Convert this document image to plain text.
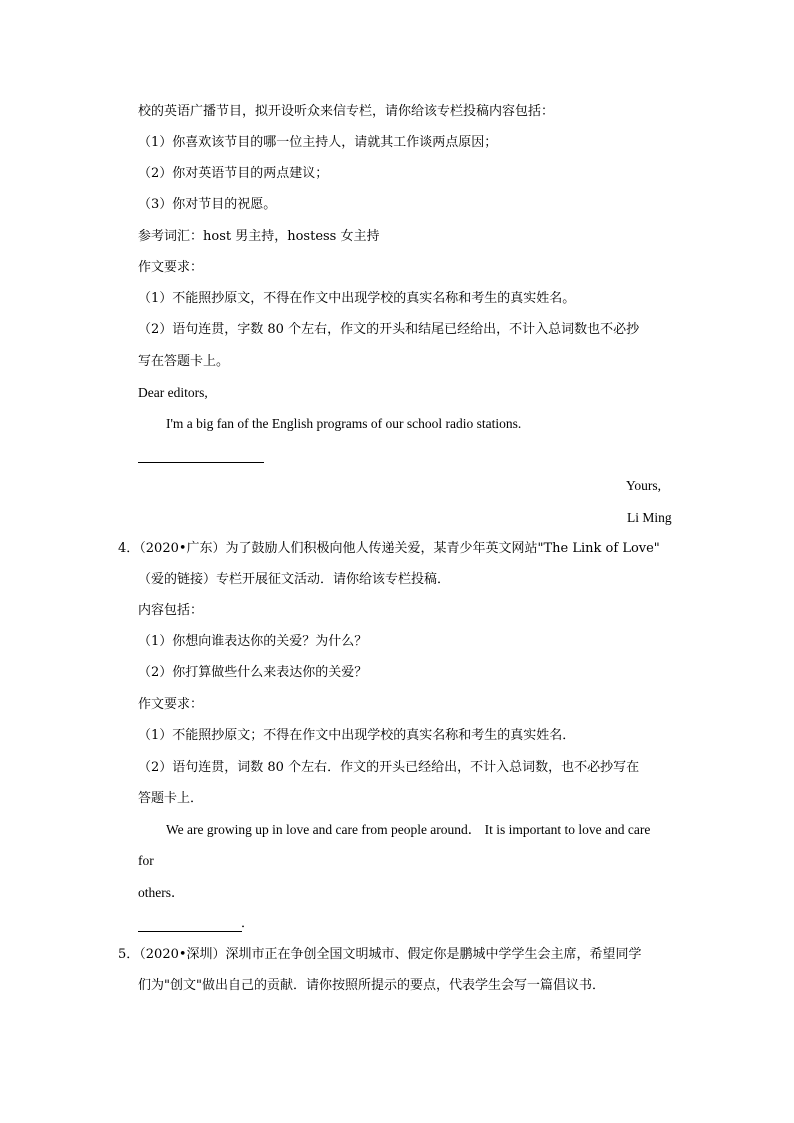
校的英语广播节目，拟开设听众来信专栏，请你给该专栏投稿内容包括：
（1）你喜欢该节目的哪一位主持人，请就其工作谈两点原因；
（2）你对英语节目的两点建议；
（3）你对节目的祝愿。
参考词汇：host 男主持，hostess 女主持
作文要求：
（1）不能照抄原文，不得在作文中出现学校的真实名称和考生的真实姓名。
（2）语句连贯，字数 80 个左右，作文的开头和结尾已经给出，不计入总词数也不必抄
写在答题卡上。
Dear editors,
I'm a big fan of the English programs of our school radio stations.
Yours,
Li Ming
4．（2020•广东）为了鼓励人们积极向他人传递关爱，某青少年英文网站"The Link of Love"
（爱的链接）专栏开展征文活动．请你给该专栏投稿．
内容包括：
（1）你想向谁表达你的关爱？为什么？
（2）你打算做些什么来表达你的关爱？
作文要求：
（1）不能照抄原文；不得在作文中出现学校的真实名称和考生的真实姓名．
（2）语句连贯，词数 80 个左右．作文的开头已经给出，不计入总词数，也不必抄写在
答题卡上．
We are growing up in love and care from people around． It is important to love and care
for
others．
．
5．（2020•深圳）深圳市正在争创全国文明城市、假定你是鹏城中学学生会主席，希望同学
们为"创文"做出自己的贡献．请你按照所提示的要点，代表学生会写一篇倡议书．
